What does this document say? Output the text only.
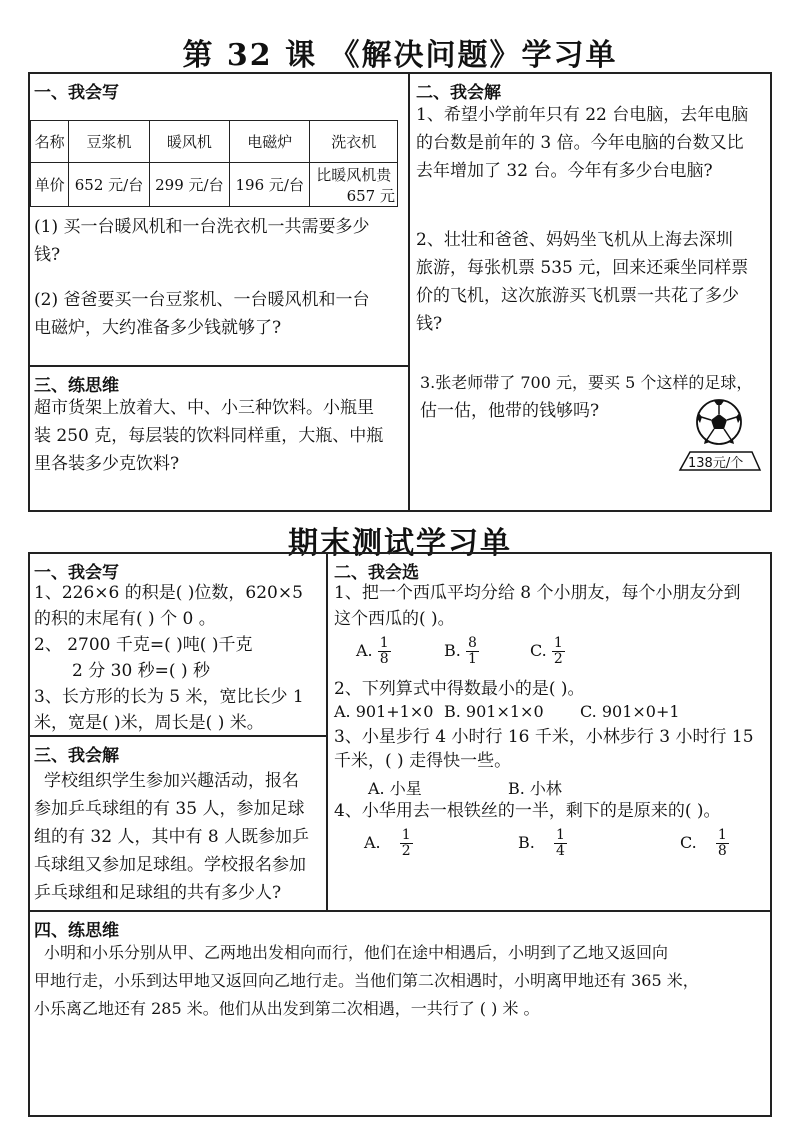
第 32 课 《解决问题》学习单
一、我会写
名称	豆浆机	暖风机	电磁炉	洗衣机
单价	652 元/台	299 元/台	196 元/台	比暖风机贵
657 元
(1) 买一台暖风机和一台洗衣机一共需要多少
钱?
(2) 爸爸要买一台豆浆机、一台暖风机和一台
电磁炉，大约准备多少钱就够了?
三、练思维
超市货架上放着大、中、小三种饮料。小瓶里
装 250 克，每层装的饮料同样重，大瓶、中瓶
里各装多少克饮料?
二、我会解
1、希望小学前年只有 22 台电脑，去年电脑
的台数是前年的 3 倍。今年电脑的台数又比
去年增加了 32 台。今年有多少台电脑?
2、壮壮和爸爸、妈妈坐飞机从上海去深圳
旅游，每张机票 535 元，回来还乘坐同样票
价的飞机，这次旅游买飞机票一共花了多少
钱?
3.张老师带了 700 元，要买 5 个这样的足球，
估一估，他带的钱够吗?
138元/个
期末测试学习单
一、我会写
1、226×6 的积是( )位数，620×5
的积的末尾有( ) 个 0 。
2、 2700 千克=( )吨( )千克
2 分 30 秒=( ) 秒
3、长方形的长为 5 米，宽比长少 1
米，宽是( )米，周长是( ) 米。
三、我会解
学校组织学生参加兴趣活动，报名
参加乒乓球组的有 35 人，参加足球
组的有 32 人，其中有 8 人既参加乒
乓球组又参加足球组。学校报名参加
乒乓球组和足球组的共有多少人?
二、我会选
1、把一个西瓜平均分给 8 个小朋友，每个小朋友分到
这个西瓜的( )。
A. $\frac{1}{8}$	B. $\frac{8}{1}$	C. $\frac{1}{2}$
2、下列算式中得数最小的是( )。
A. 901+1×0 B. 901×1×0 C. 901×0+1
3、小星步行 4 小时行 16 千米，小林步行 3 小时行 15
千米，( ) 走得快一些。
A. 小星	B. 小林
4、小华用去一根铁丝的一半，剩下的是原来的( )。
A. $\frac{1}{2}$	B. $\frac{1}{4}$	C. $\frac{1}{8}$
四、练思维
小明和小乐分别从甲、乙两地出发相向而行，他们在途中相遇后，小明到了乙地又返回向
甲地行走，小乐到达甲地又返回向乙地行走。当他们第二次相遇时，小明离甲地还有 365 米，
小乐离乙地还有 285 米。他们从出发到第二次相遇，一共行了 ( ) 米 。
